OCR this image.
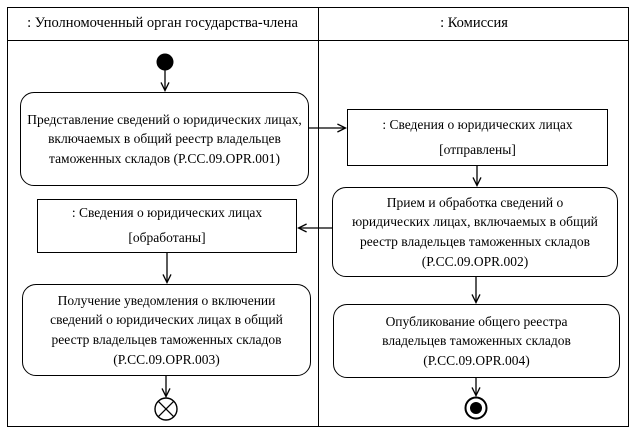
: Уполномоченный орган государства-члена	: Комиссия
Представление сведений о юридических лицах, включаемых в общий реестр владельцев таможенных складов (P.CC.09.OPR.001)
: Сведения о юридических лицах
[отправлены]
Прием и обработка сведений о юридических лицах, включаемых в общий реестр владельцев таможенных складов (P.CC.09.OPR.002)
: Сведения о юридических лицах
[обработаны]
Получение уведомления о включении сведений о юридических лицах в общий реестр владельцев таможенных складов (P.CC.09.OPR.003)
Опубликование общего реестра владельцев таможенных складов (P.CC.09.OPR.004)
